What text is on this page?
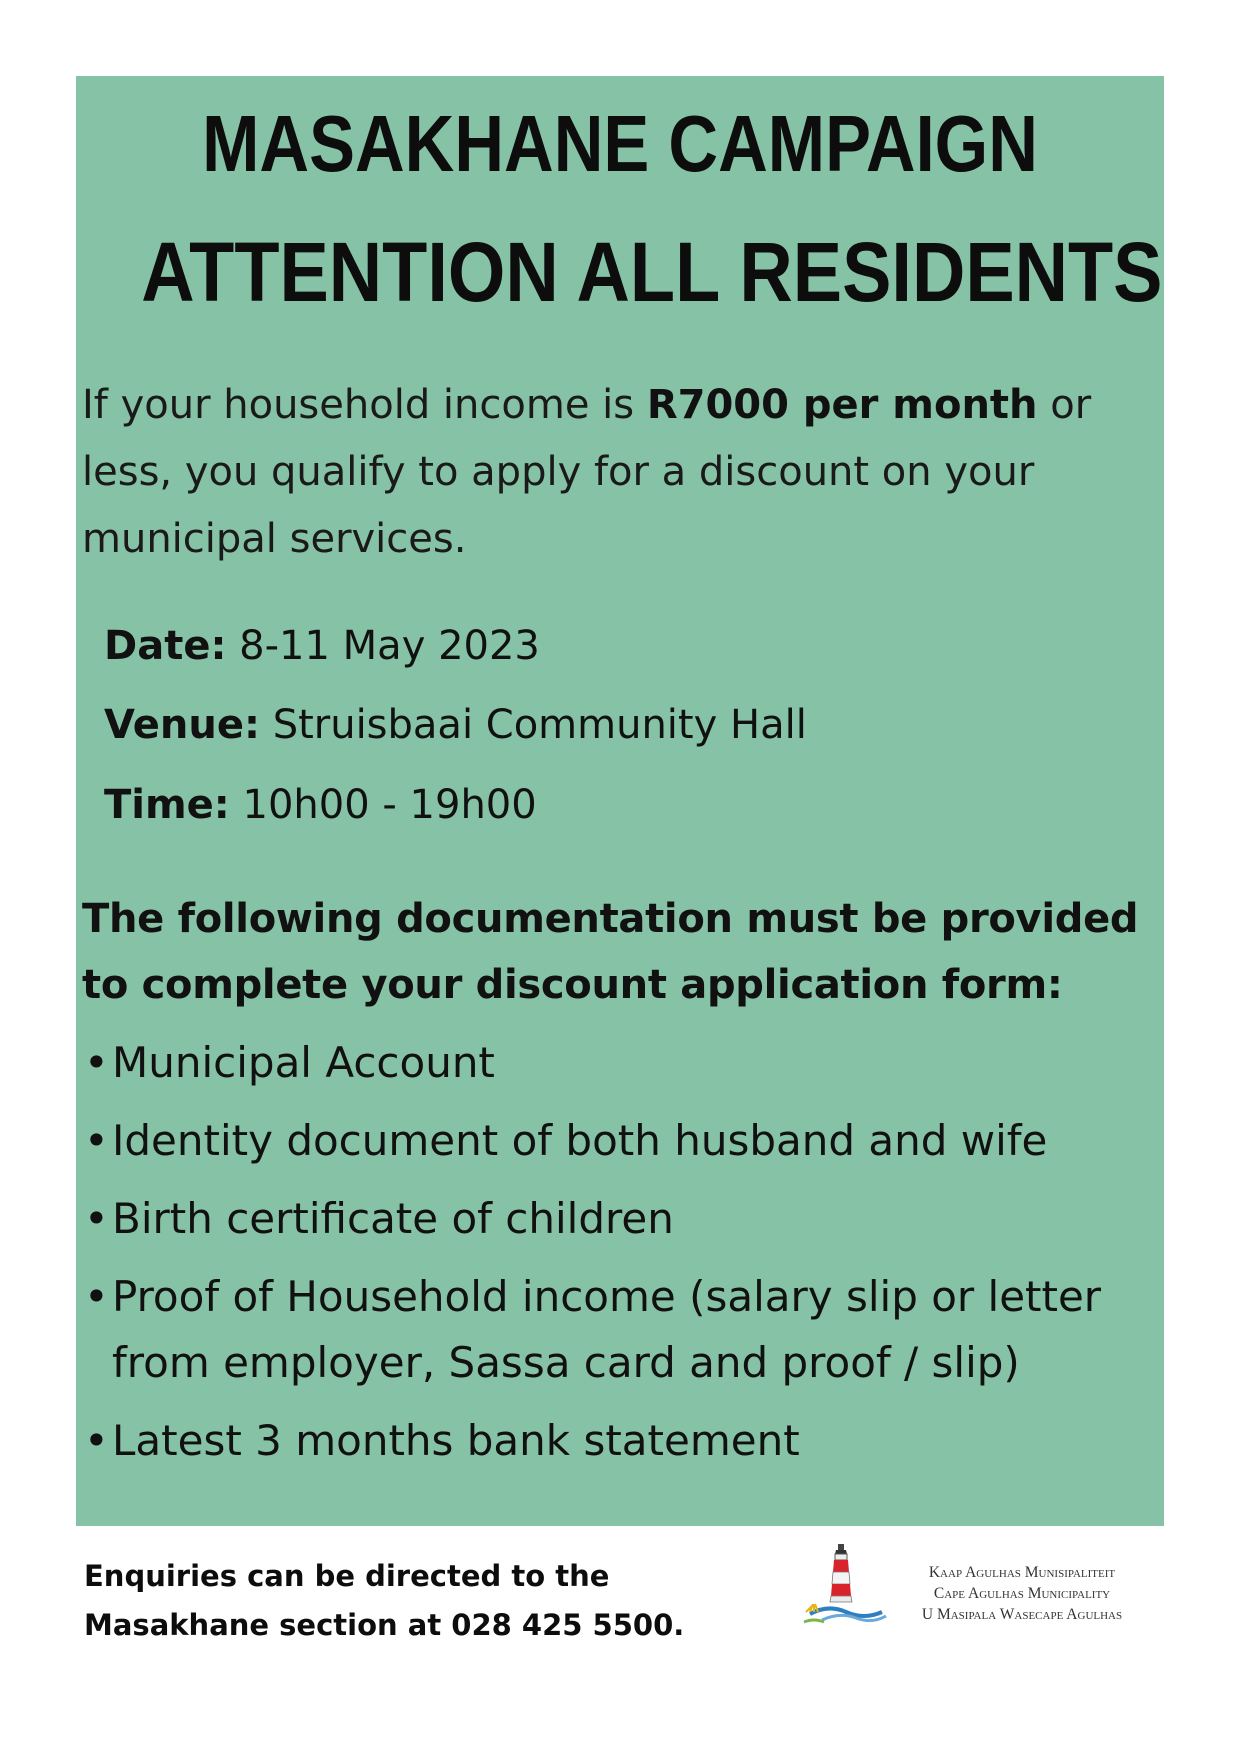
MASAKHANE CAMPAIGN
ATTENTION ALL RESIDENTS
If your household income is R7000 per month or less, you qualify to apply for a discount on your municipal services.
Date: 8-11 May 2023
Venue: Struisbaai Community Hall
Time: 10h00 - 19h00
The following documentation must be provided to complete your discount application form:
•Municipal Account
•Identity document of both husband and wife
•Birth certificate of children
•Proof of Household income (salary slip or letter from employer, Sassa card and proof / slip)
•Latest 3 months bank statement
Enquiries can be directed to the Masakhane section at 028 425 5500.
Kaap Agulhas Munisipaliteit
Cape Agulhas Municipality
U Masipala Wasecape Agulhas
